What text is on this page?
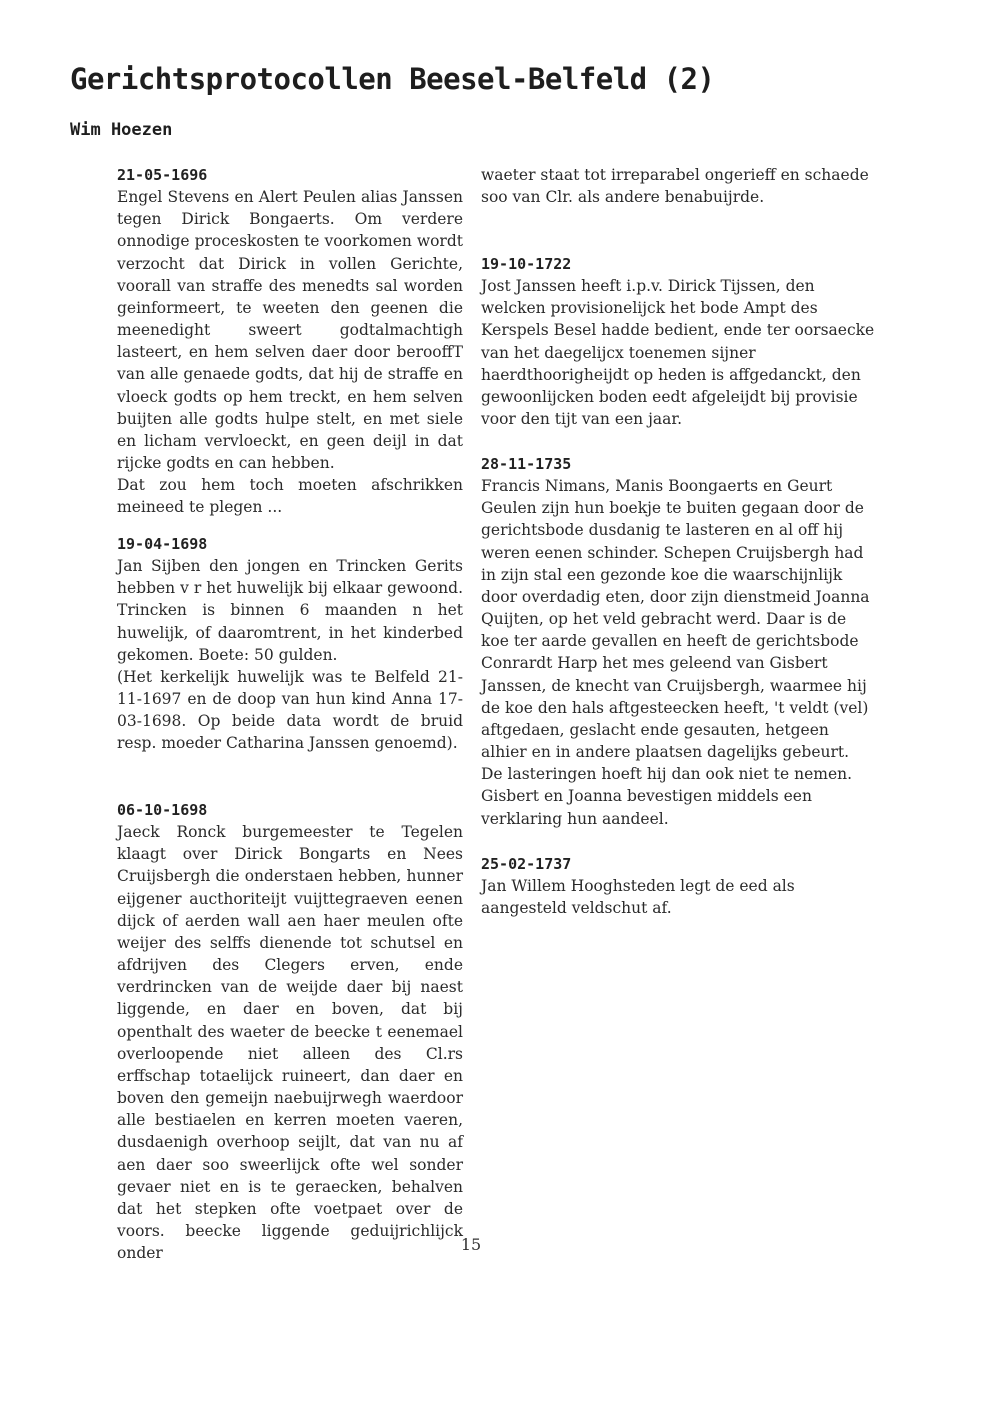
Gerichtsprotocollen Beesel-Belfeld (2)
Wim Hoezen
21-05-1696
Engel Stevens en Alert Peulen alias Janssen tegen Dirick Bongaerts. Om verdere onnodige proceskosten te voorkomen wordt verzocht dat Dirick in vollen Gerichte, voorall van straffe des menedts sal worden geinformeert, te weeten den geenen die meenedight sweert godtalmachtigh lasteert, en hem selven daer door berooffT van alle genaede godts, dat hij de straffe en vloeck godts op hem treckt, en hem selven buijten alle godts hulpe stelt, en met siele en licham vervloeckt, en geen deijl in dat rijcke godts en can hebben.
Dat zou hem toch moeten afschrikken meineed te plegen ...
19-04-1698
Jan Sijben den jongen en Trincken Gerits hebben v r het huwelijk bij elkaar gewoond. Trincken is binnen 6 maanden n het huwelijk, of daaromtrent, in het kinderbed gekomen. Boete: 50 gulden.
(Het kerkelijk huwelijk was te Belfeld 21-11-1697 en de doop van hun kind Anna 17-03-1698. Op beide data wordt de bruid resp. moeder Catharina Janssen genoemd).
06-10-1698
Jaeck Ronck burgemeester te Tegelen klaagt over Dirick Bongarts en Nees Cruijsbergh die onderstaen hebben, hunner eijgener aucthoriteijt vuijttegraeven eenen dijck of aerden wall aen haer meulen ofte weijer des selffs dienende tot schutsel en afdrijven des Clegers erven, ende verdrincken van de weijde daer bij naest liggende, en daer en boven, dat bij openthalt des waeter de beecke t eenemael overloopende niet alleen des Cl.rs erffschap totaelijck ruineert, dan daer en boven den gemeijn naebuijrwegh waerdoor alle bestiaelen en kerren moeten vaeren, dusdaenigh overhoop seijlt, dat van nu af aen daer soo sweerlijck ofte wel sonder gevaer niet en is te geraecken, behalven dat het stepken ofte voetpaet over de voors. beecke liggende geduijrichlijck onder
waeter staat tot irreparabel ongerieff en schaede soo van Clr. als andere benabuijrde.
19-10-1722
Jost Janssen heeft i.p.v. Dirick Tijssen, den welcken provisionelijck het bode Ampt des Kerspels Besel hadde bedient, ende ter oorsaecke van het daegelijcx toenemen sijner haerdthoorigheijdt op heden is affgedanckt, den gewoonlijcken boden eedt afgeleijdt bij provisie voor den tijt van een jaar.
28-11-1735
Francis Nimans, Manis Boongaerts en Geurt Geulen zijn hun boekje te buiten gegaan door de gerichtsbode dusdanig te lasteren en al off hij weren eenen schinder. Schepen Cruijsbergh had in zijn stal een gezonde koe die waarschijnlijk door overdadig eten, door zijn dienstmeid Joanna Quijten, op het veld gebracht werd. Daar is de koe ter aarde gevallen en heeft de gerichtsbode Conrardt Harp het mes geleend van Gisbert Janssen, de knecht van Cruijsbergh, waarmee hij de koe den hals aftgesteecken heeft, 't veldt (vel) aftgedaen, geslacht ende gesauten, hetgeen alhier en in andere plaatsen dagelijks gebeurt. De lasteringen hoeft hij dan ook niet te nemen. Gisbert en Joanna bevestigen middels een verklaring hun aandeel.
25-02-1737
Jan Willem Hooghsteden legt de eed als aangesteld veldschut af.
15
